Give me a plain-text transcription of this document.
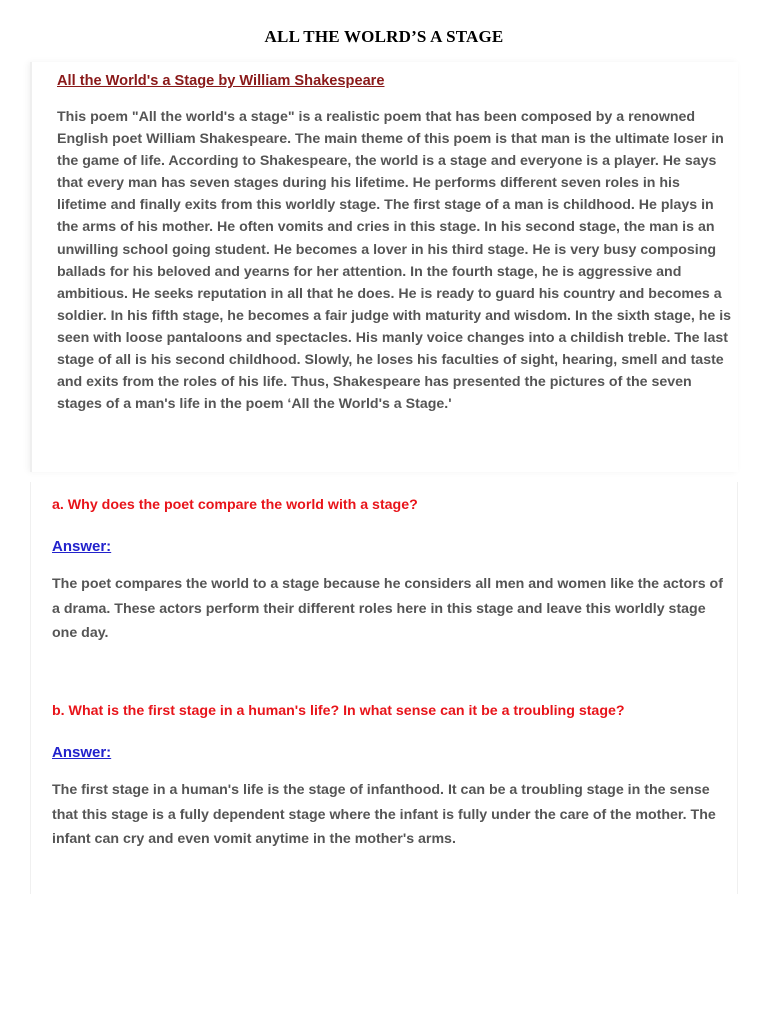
ALL THE WOLRD’S A STAGE
All the World's a Stage by William Shakespeare

This poem "All the world's a stage" is a realistic poem that has been composed by a renowned English poet William Shakespeare. The main theme of this poem is that man is the ultimate loser in the game of life. According to Shakespeare, the world is a stage and everyone is a player. He says that every man has seven stages during his lifetime. He performs different seven roles in his lifetime and finally exits from this worldly stage. The first stage of a man is childhood. He plays in the arms of his mother. He often vomits and cries in this stage. In his second stage, the man is an unwilling school going student. He becomes a lover in his third stage. He is very busy composing ballads for his beloved and yearns for her attention. In the fourth stage, he is aggressive and ambitious. He seeks reputation in all that he does. He is ready to guard his country and becomes a soldier. In his fifth stage, he becomes a fair judge with maturity and wisdom. In the sixth stage, he is seen with loose pantaloons and spectacles. His manly voice changes into a childish treble. The last stage of all is his second childhood. Slowly, he loses his faculties of sight, hearing, smell and taste and exits from the roles of his life. Thus, Shakespeare has presented the pictures of the seven stages of a man's life in the poem ‘All the World's a Stage.'

a. Why does the poet compare the world with a stage?
Answer:

The poet compares the world to a stage because he considers all men and women like the actors of a drama. These actors perform their different roles here in this stage and leave this worldly stage one day.

b. What is the first stage in a human's life? In what sense can it be a troubling stage?
Answer:

The first stage in a human's life is the stage of infanthood. It can be a troubling stage in the sense that this stage is a fully dependent stage where the infant is fully under the care of the mother. The infant can cry and even vomit anytime in the mother's arms.
